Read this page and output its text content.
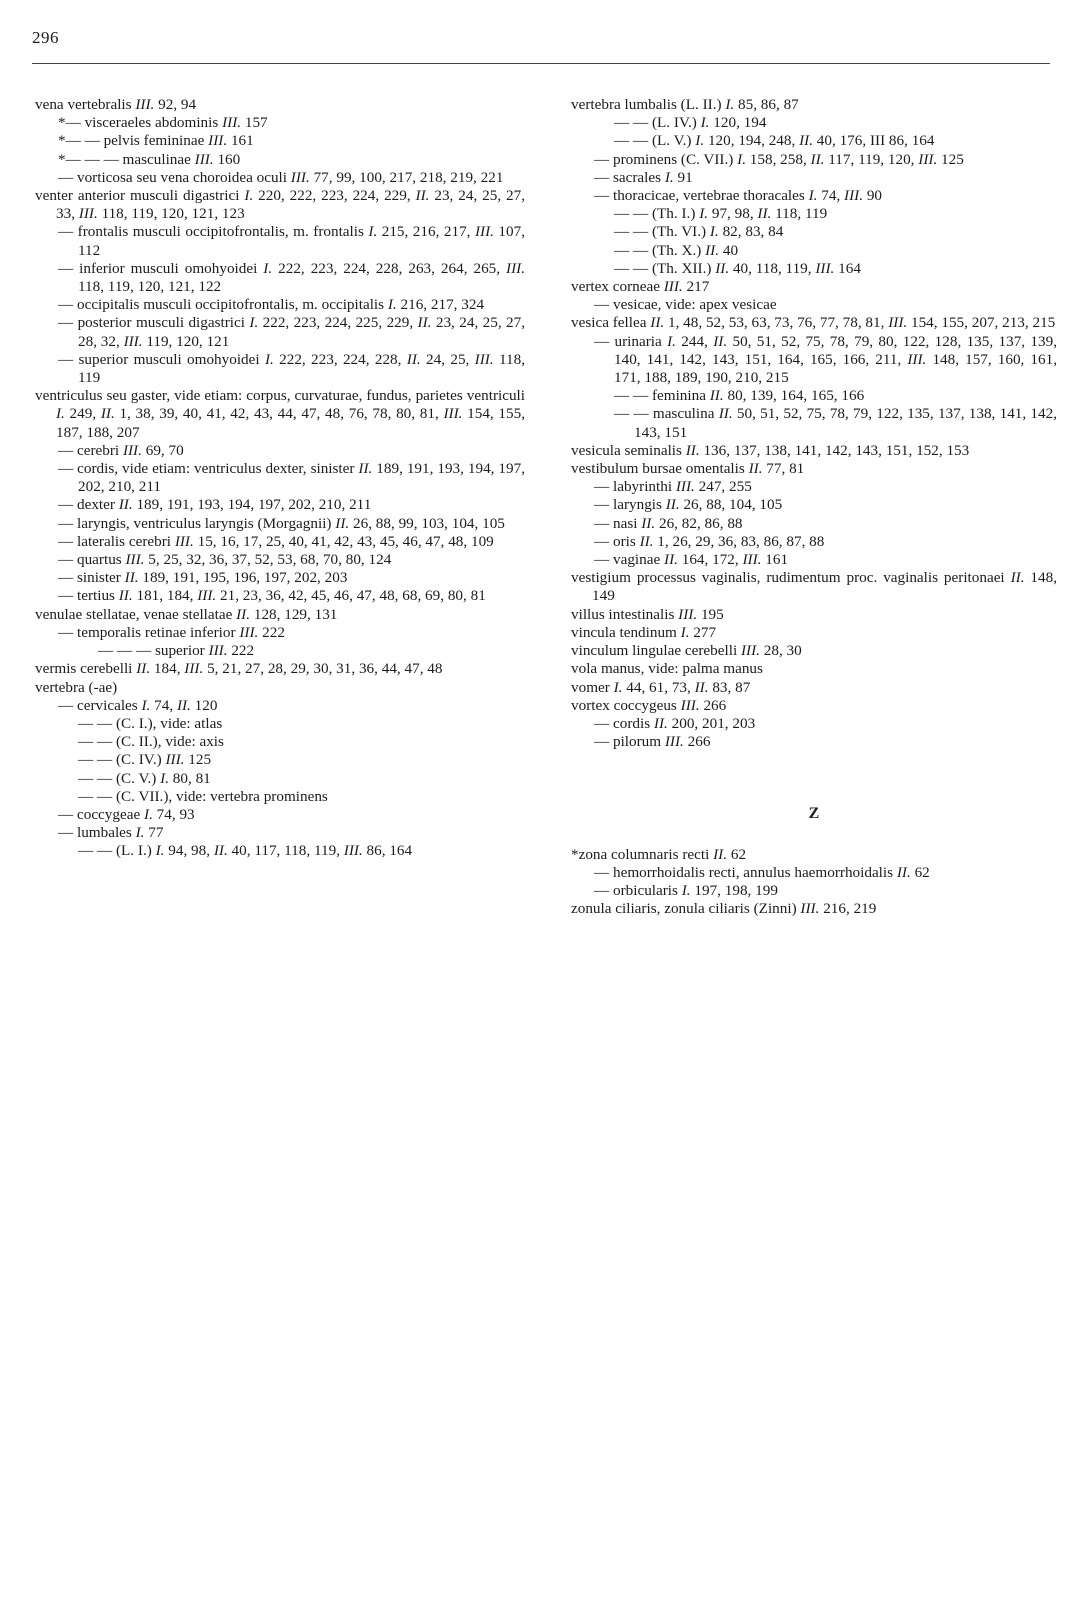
296

vena vertebralis III. 92, 94

*— visceraeles abdominis III. 157

*— — pelvis femininae III. 161

*— — — masculinae III. 160

— vorticosa seu vena choroidea oculi III. 77, 99, 100, 217, 218, 219, 221

venter anterior musculi digastrici I. 220, 222, 223, 224, 229, II. 23, 24, 25, 27, 33, III. 118, 119, 120, 121, 123

— frontalis musculi occipitofrontalis, m. frontalis I. 215, 216, 217, III. 107, 112

— inferior musculi omohyoidei I. 222, 223, 224, 228, 263, 264, 265, III. 118, 119, 120, 121, 122

— occipitalis musculi occipitofrontalis, m. occipitalis I. 216, 217, 324

— posterior musculi digastrici I. 222, 223, 224, 225, 229, II. 23, 24, 25, 27, 28, 32, III. 119, 120, 121

— superior musculi omohyoidei I. 222, 223, 224, 228, II. 24, 25, III. 118, 119

ventriculus seu gaster, vide etiam: corpus, curvaturae, fundus, parietes ventriculi I. 249, II. 1, 38, 39, 40, 41, 42, 43, 44, 47, 48, 76, 78, 80, 81, III. 154, 155, 187, 188, 207

— cerebri III. 69, 70

— cordis, vide etiam: ventriculus dexter, sinister II. 189, 191, 193, 194, 197, 202, 210, 211

— dexter II. 189, 191, 193, 194, 197, 202, 210, 211

— laryngis, ventriculus laryngis (Morgagnii) II. 26, 88, 99, 103, 104, 105

— lateralis cerebri III. 15, 16, 17, 25, 40, 41, 42, 43, 45, 46, 47, 48, 109

— quartus III. 5, 25, 32, 36, 37, 52, 53, 68, 70, 80, 124

— sinister II. 189, 191, 195, 196, 197, 202, 203

— tertius II. 181, 184, III. 21, 23, 36, 42, 45, 46, 47, 48, 68, 69, 80, 81

venulae stellatae, venae stellatae II. 128, 129, 131

— temporalis retinae inferior III. 222

— — — superior III. 222

vermis cerebelli II. 184, III. 5, 21, 27, 28, 29, 30, 31, 36, 44, 47, 48

vertebra (-ae)

— cervicales I. 74, II. 120

— — (C. I.), vide: atlas

— — (C. II.), vide: axis

— — (C. IV.) III. 125

— — (C. V.) I. 80, 81

— — (C. VII.), vide: vertebra prominens

— coccygeae I. 74, 93

— lumbales I. 77

— — (L. I.) I. 94, 98, II. 40, 117, 118, 119, III. 86, 164

vertebra lumbalis (L. II.) I. 85, 86, 87

— — (L. IV.) I. 120, 194

— — (L. V.) I. 120, 194, 248, II. 40, 176, III 86, 164

— prominens (C. VII.) I. 158, 258, II. 117, 119, 120, III. 125

— sacrales I. 91

— thoracicae, vertebrae thoracales I. 74, III. 90

— — (Th. I.) I. 97, 98, II. 118, 119

— — (Th. VI.) I. 82, 83, 84

— — (Th. X.) II. 40

— — (Th. XII.) II. 40, 118, 119, III. 164

vertex corneae III. 217

— vesicae, vide: apex vesicae

vesica fellea II. 1, 48, 52, 53, 63, 73, 76, 77, 78, 81, III. 154, 155, 207, 213, 215

— urinaria I. 244, II. 50, 51, 52, 75, 78, 79, 80, 122, 128, 135, 137, 139, 140, 141, 142, 143, 151, 164, 165, 166, 211, III. 148, 157, 160, 161, 171, 188, 189, 190, 210, 215

— — feminina II. 80, 139, 164, 165, 166

— — masculina II. 50, 51, 52, 75, 78, 79, 122, 135, 137, 138, 141, 142, 143, 151

vesicula seminalis II. 136, 137, 138, 141, 142, 143, 151, 152, 153

vestibulum bursae omentalis II. 77, 81

— labyrinthi III. 247, 255

— laryngis II. 26, 88, 104, 105

— nasi II. 26, 82, 86, 88

— oris II. 1, 26, 29, 36, 83, 86, 87, 88

— vaginae II. 164, 172, III. 161

vestigium processus vaginalis, rudimentum proc. vaginalis peritonaei II. 148, 149

villus intestinalis III. 195

vincula tendinum I. 277

vinculum lingulae cerebelli III. 28, 30

vola manus, vide: palma manus

vomer I. 44, 61, 73, II. 83, 87

vortex coccygeus III. 266

— cordis II. 200, 201, 203

— pilorum III. 266

Z

*zona columnaris recti II. 62

— hemorrhoidalis recti, annulus haemorrhoidalis II. 62

— orbicularis I. 197, 198, 199

zonula ciliaris, zonula ciliaris (Zinni) III. 216, 219
